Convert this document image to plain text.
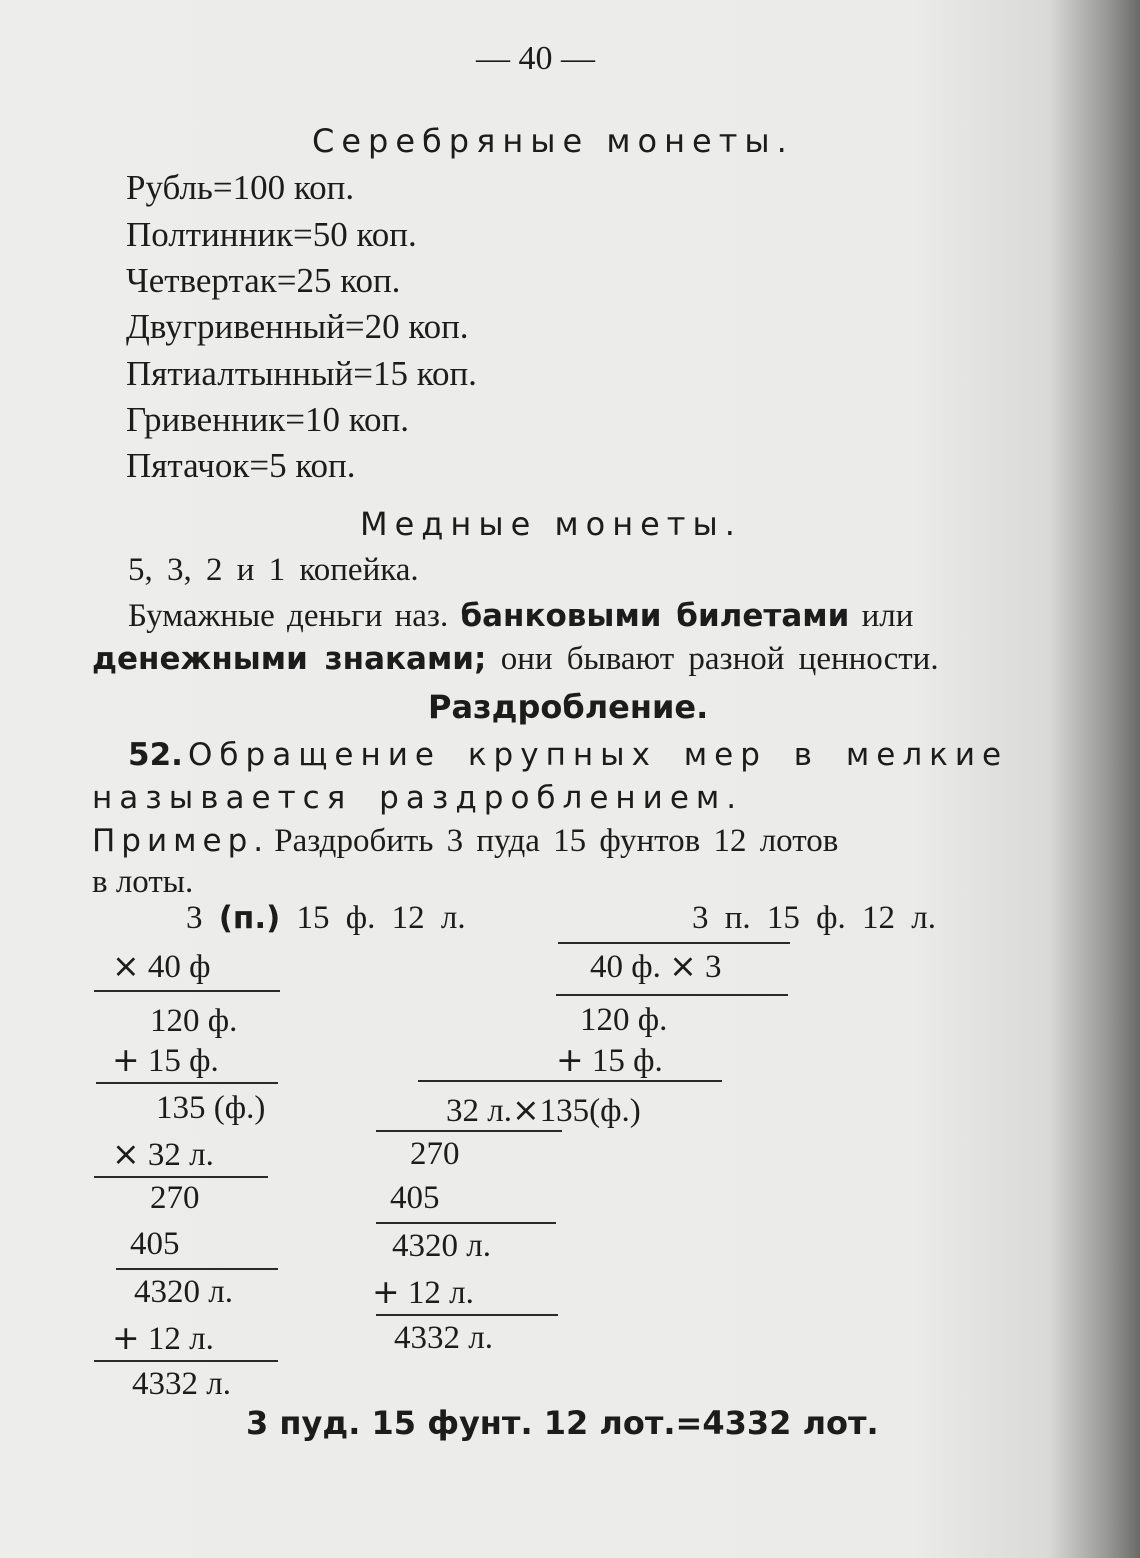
— 40 —
Серебряные монеты.
Рубль=100 коп.
Полтинник=50 коп.
Четвертак=25 коп.
Двугривенный=20 коп.
Пятиалтынный=15 коп.
Гривенник=10 коп.
Пятачок=5 коп.
Медные монеты.
5, 3, 2 и 1 копейка.
Бумажные деньги наз. банковыми билетами или
денежными знаками; они бывают разной ценности.
Раздробление.
52. Обращение крупных мер в мелкие
называется раздроблением.
Пример. Раздробить 3 пуда 15 фунтов 12 лотов
в лоты.
3 (п.) 15 ф. 12 л.
× 40 ф
120 ф.
+ 15 ф.
135 (ф.)
× 32 л.
270
405
4320 л.
+ 12 л.
4332 л.
3 п. 15 ф. 12 л.
40 ф. × 3
120 ф.
+ 15 ф.
32 л.×135(ф.)
270
405
4320 л.
+ 12 л.
4332 л.
3 пуд. 15 фунт. 12 лот.=4332 лот.
